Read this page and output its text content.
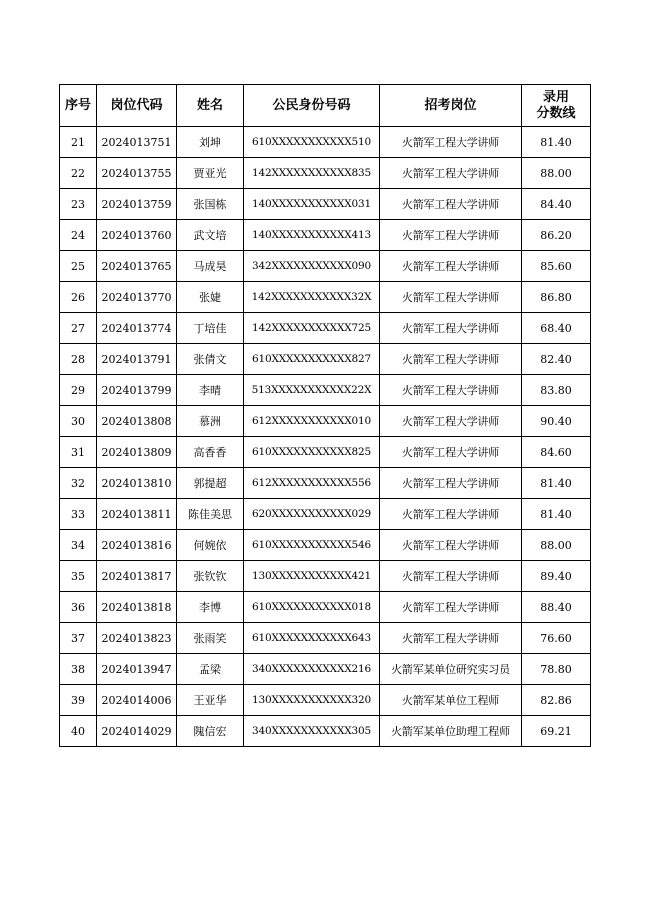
序号	岗位代码	姓名	公民身份号码	招考岗位	录用
分数线

21	2024013751	刘坤	610XXXXXXXXXXX510	火箭军工程大学讲师	81.40
22	2024013755	贾亚光	142XXXXXXXXXXX835	火箭军工程大学讲师	88.00
23	2024013759	张国栋	140XXXXXXXXXXX031	火箭军工程大学讲师	84.40
24	2024013760	武文培	140XXXXXXXXXXX413	火箭军工程大学讲师	86.20
25	2024013765	马成昊	342XXXXXXXXXXX090	火箭军工程大学讲师	85.60
26	2024013770	张婕	142XXXXXXXXXXX32X	火箭军工程大学讲师	86.80
27	2024013774	丁培佳	142XXXXXXXXXXX725	火箭军工程大学讲师	68.40
28	2024013791	张倩文	610XXXXXXXXXXX827	火箭军工程大学讲师	82.40
29	2024013799	李晴	513XXXXXXXXXXX22X	火箭军工程大学讲师	83.80
30	2024013808	慕洲	612XXXXXXXXXXX010	火箭军工程大学讲师	90.40
31	2024013809	高香香	610XXXXXXXXXXX825	火箭军工程大学讲师	84.60
32	2024013810	郭提超	612XXXXXXXXXXX556	火箭军工程大学讲师	81.40
33	2024013811	陈佳美思	620XXXXXXXXXXX029	火箭军工程大学讲师	81.40
34	2024013816	何婉依	610XXXXXXXXXXX546	火箭军工程大学讲师	88.00
35	2024013817	张钦钦	130XXXXXXXXXXX421	火箭军工程大学讲师	89.40
36	2024013818	李博	610XXXXXXXXXXX018	火箭军工程大学讲师	88.40
37	2024013823	张雨笑	610XXXXXXXXXXX643	火箭军工程大学讲师	76.60
38	2024013947	孟梁	340XXXXXXXXXXX216	火箭军某单位研究实习员	78.80
39	2024014006	王亚华	130XXXXXXXXXXX320	火箭军某单位工程师	82.86
40	2024014029	隗信宏	340XXXXXXXXXXX305	火箭军某单位助理工程师	69.21
